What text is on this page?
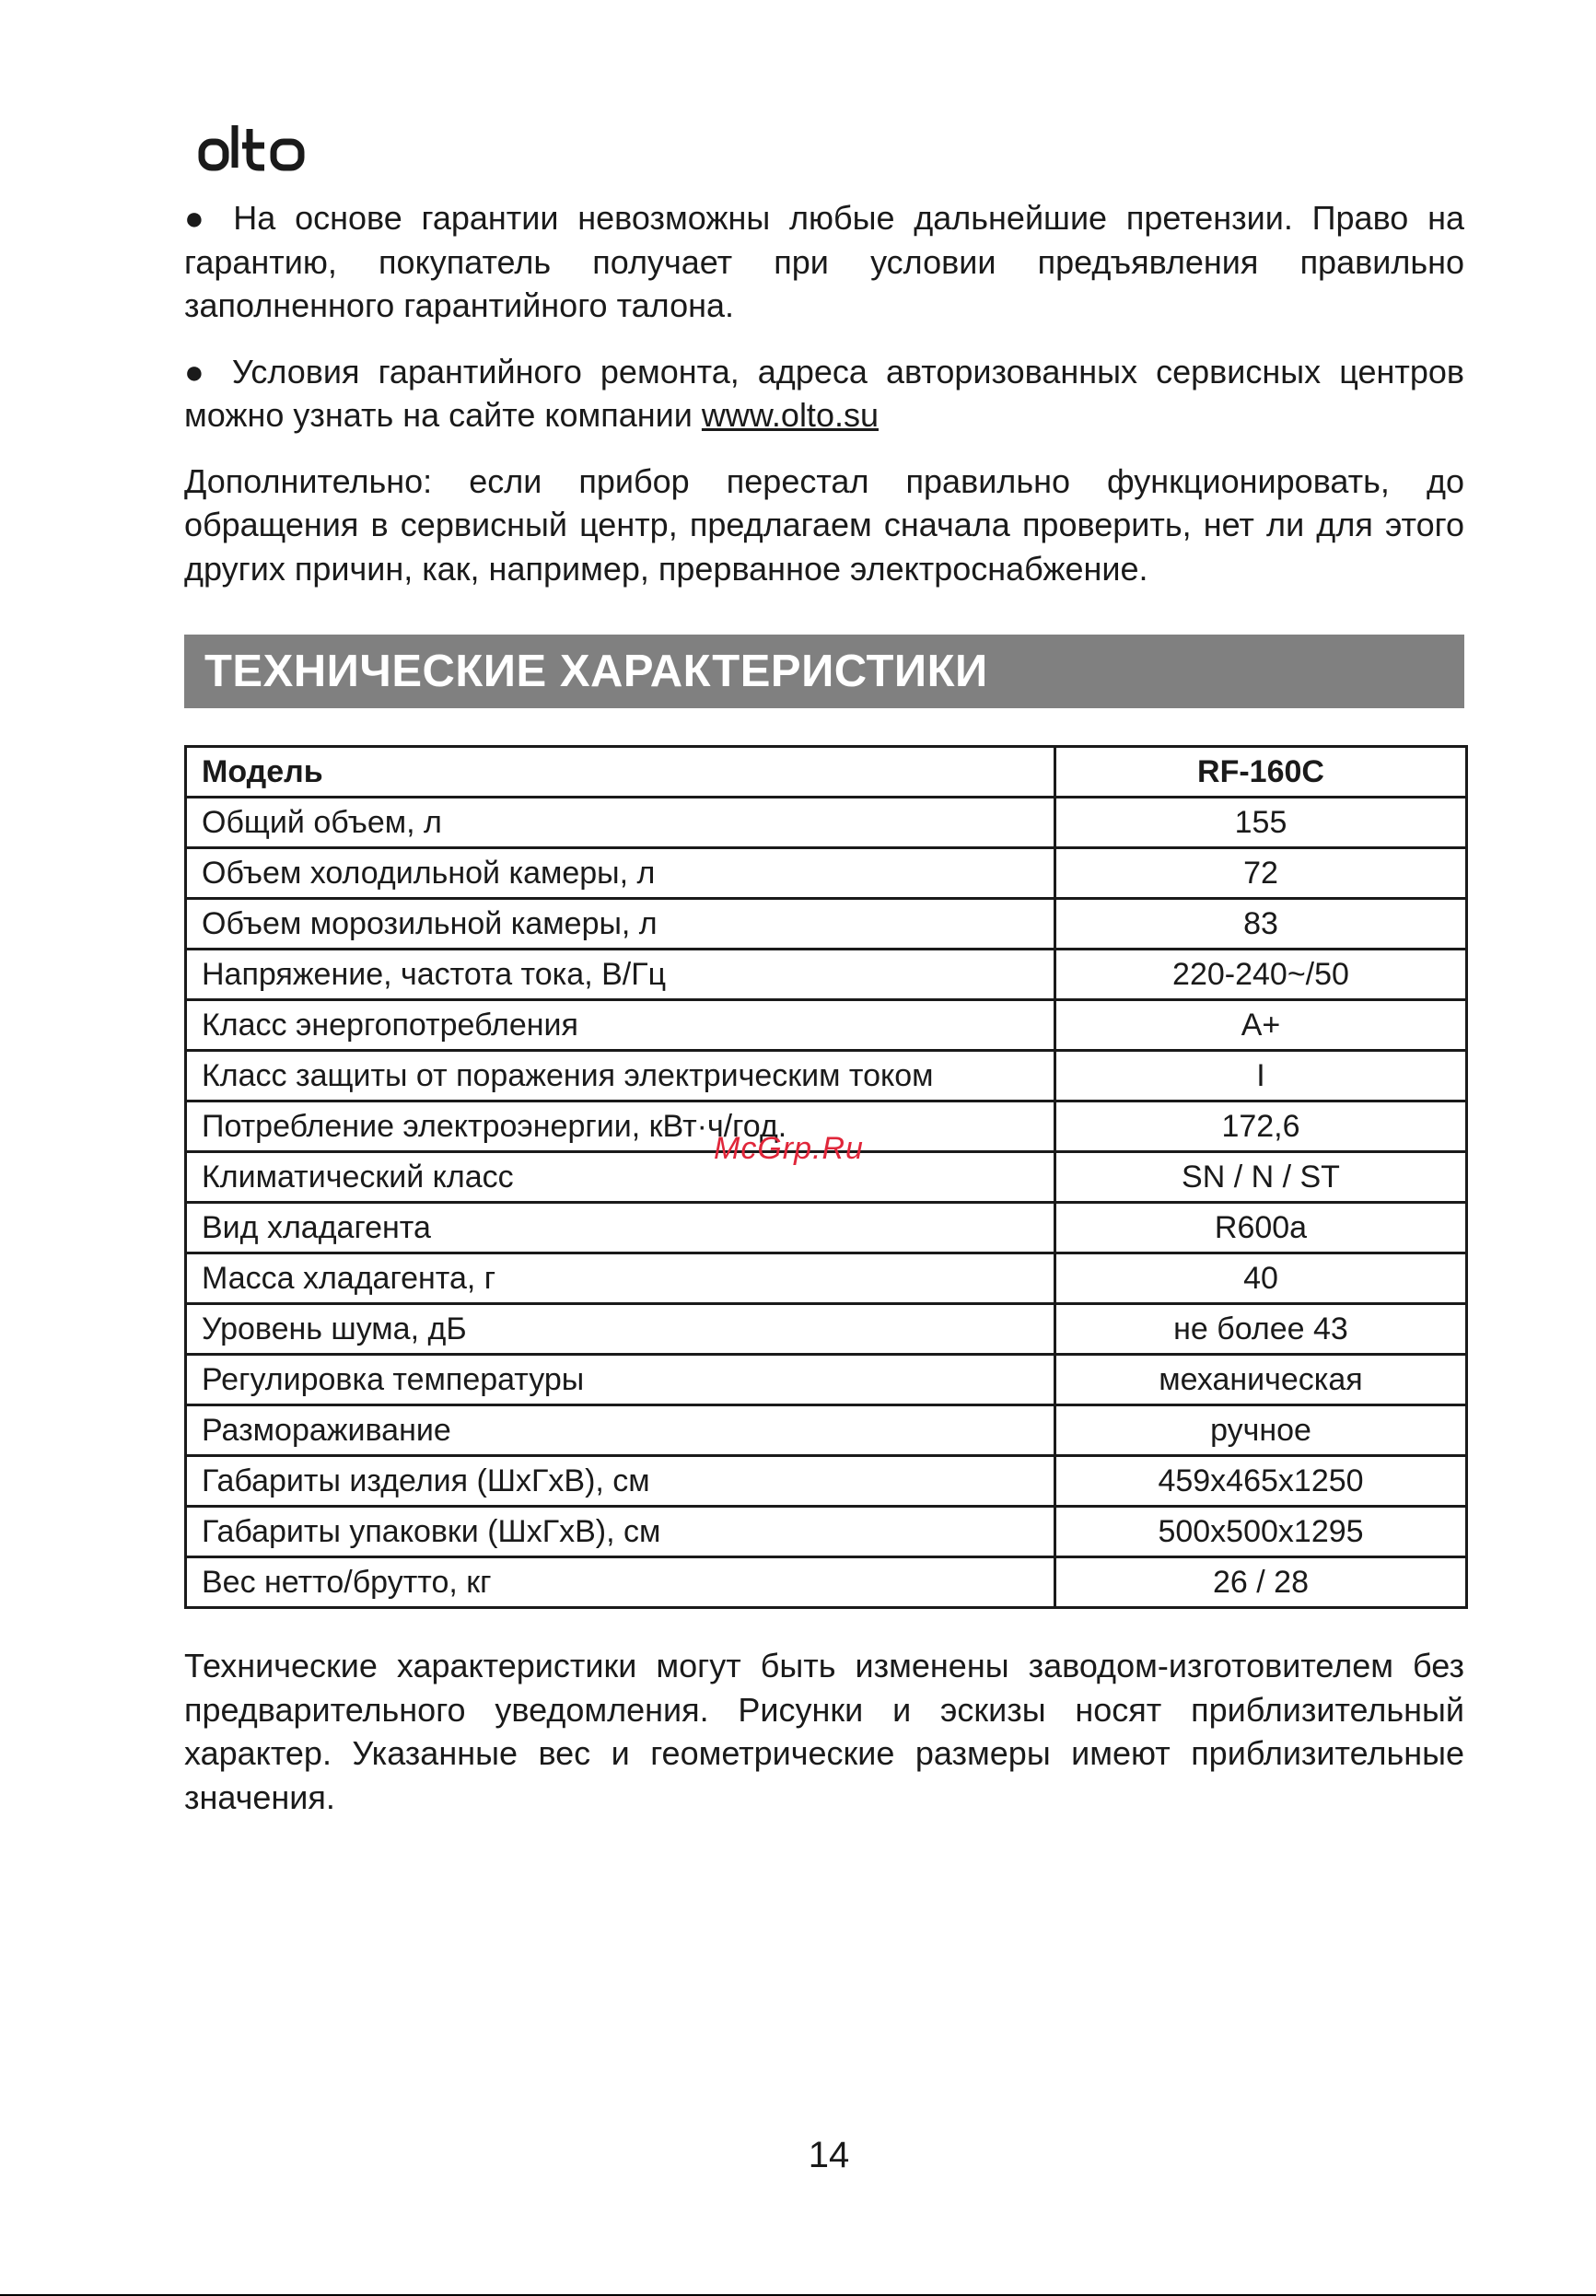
● На основе гарантии невозможны любые дальнейшие претензии. Право на гарантию, покупатель получает при условии предъявления правильно заполненного гарантийного талона.

● Условия гарантийного ремонта, адреса авторизованных сервисных центров можно узнать на сайте компании www.olto.su

Дополнительно: если прибор перестал правильно функционировать, до обращения в сервисный центр, предлагаем сначала проверить, нет ли для этого других причин, как, например, прерванное электроснабжение.

ТЕХНИЧЕСКИЕ ХАРАКТЕРИСТИКИ
Модель	RF-160C
Общий объем, л	155
Объем холодильной камеры, л	72
Объем морозильной камеры, л	83
Напряжение, частота тока, В/Гц	220-240~/50
Класс энергопотребления	A+
Класс защиты от поражения электрическим током	I
Потребление электроэнергии, кВт·ч/год.	172,6
Климатический класс	SN / N / ST
Вид хладагента	R600a
Масса хладагента, г	40
Уровень шума, дБ	не более 43
Регулировка температуры	механическая
Размораживание	ручное
Габариты изделия (ШхГхВ), см	459x465x1250
Габариты упаковки (ШхГхВ), см	500x500x1295
Вес нетто/брутто, кг	26 / 28

Технические характеристики могут быть изменены заводом-изготовителем без предварительного уведомления. Рисунки и эскизы носят приблизительный характер. Указанные вес и геометрические размеры имеют приблизительные значения.

McGrp.Ru
14
